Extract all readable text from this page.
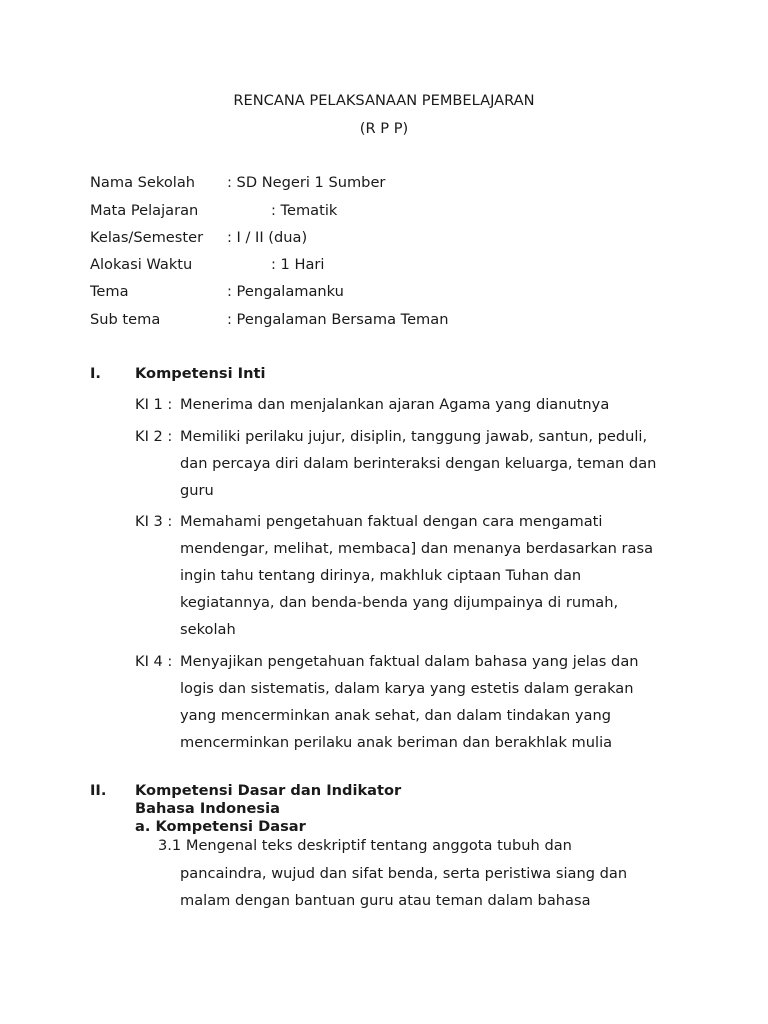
RENCANA PELAKSANAAN PEMBELAJARAN
(R P P)
Nama Sekolah : SD Negeri 1 Sumber
Mata Pelajaran	: Tematik
Kelas/Semester : I / II (dua)
Alokasi Waktu	: 1 Hari
Tema	: Pengalamanku
Sub tema	: Pengalaman Bersama Teman
I. Kompetensi Inti
KI 1 : Menerima dan menjalankan ajaran Agama yang dianutnya
KI 2 : Memiliki perilaku jujur, disiplin, tanggung jawab, santun, peduli,
dan percaya diri dalam berinteraksi dengan keluarga, teman dan
guru
KI 3 : Memahami pengetahuan faktual dengan cara mengamati
mendengar, melihat, membaca] dan menanya berdasarkan rasa
ingin tahu tentang dirinya, makhluk ciptaan Tuhan dan
kegiatannya, dan benda-benda yang dijumpainya di rumah,
sekolah
KI 4 : Menyajikan pengetahuan faktual dalam bahasa yang jelas dan
logis dan sistematis, dalam karya yang estetis dalam gerakan
yang mencerminkan anak sehat, dan dalam tindakan yang
mencerminkan perilaku anak beriman dan berakhlak mulia
II. Kompetensi Dasar dan Indikator
Bahasa Indonesia
a. Kompetensi Dasar
3.1 Mengenal teks deskriptif tentang anggota tubuh dan
pancaindra, wujud dan sifat benda, serta peristiwa siang dan
malam dengan bantuan guru atau teman dalam bahasa
